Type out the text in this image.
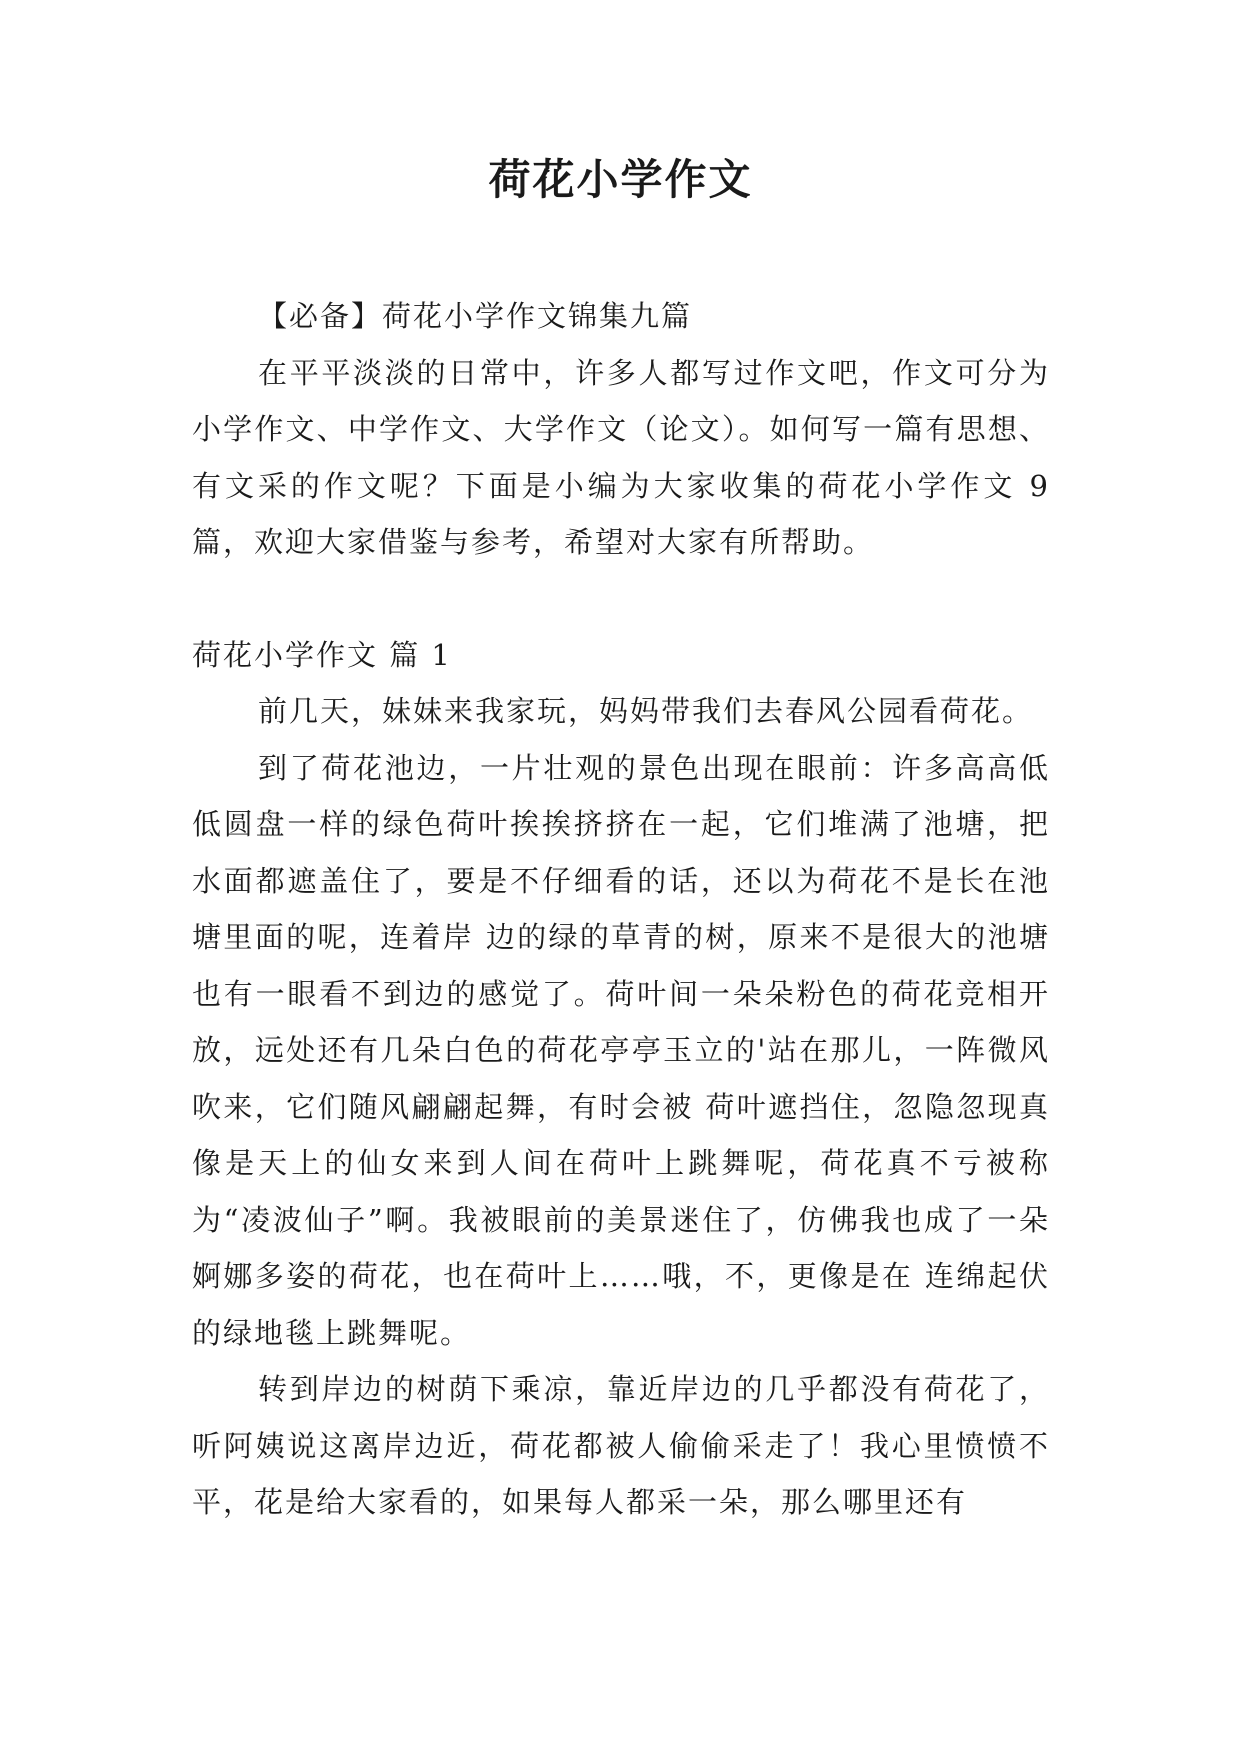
荷花小学作文

【必备】荷花小学作文锦集九篇

在平平淡淡的日常中，许多人都写过作文吧，作文可分为小学作文、中学作文、大学作文（论文）。如何写一篇有思想、有文采的作文呢？下面是小编为大家收集的荷花小学作文 9 篇，欢迎大家借鉴与参考，希望对大家有所帮助。

荷花小学作文 篇 1

前几天，妹妹来我家玩，妈妈带我们去春风公园看荷花。

到了荷花池边，一片壮观的景色出现在眼前：许多高高低低圆盘一样的绿色荷叶挨挨挤挤在一起，它们堆满了池塘，把水面都遮盖住了，要是不仔细看的话，还以为荷花不是长在池塘里面的呢，连着岸 边的绿的草青的树，原来不是很大的池塘也有一眼看不到边的感觉了。荷叶间一朵朵粉色的荷花竞相开放，远处还有几朵白色的荷花亭亭玉立的'站在那儿，一阵微风吹来，它们随风翩翩起舞，有时会被 荷叶遮挡住，忽隐忽现真像是天上的仙女来到人间在荷叶上跳舞呢，荷花真不亏被称为“凌波仙子”啊。我被眼前的美景迷住了，仿佛我也成了一朵婀娜多姿的荷花，也在荷叶上……哦，不，更像是在 连绵起伏的绿地毯上跳舞呢。

转到岸边的树荫下乘凉，靠近岸边的几乎都没有荷花了，听阿姨说这离岸边近，荷花都被人偷偷采走了！我心里愤愤不平，花是给大家看的，如果每人都采一朵，那么哪里还有
